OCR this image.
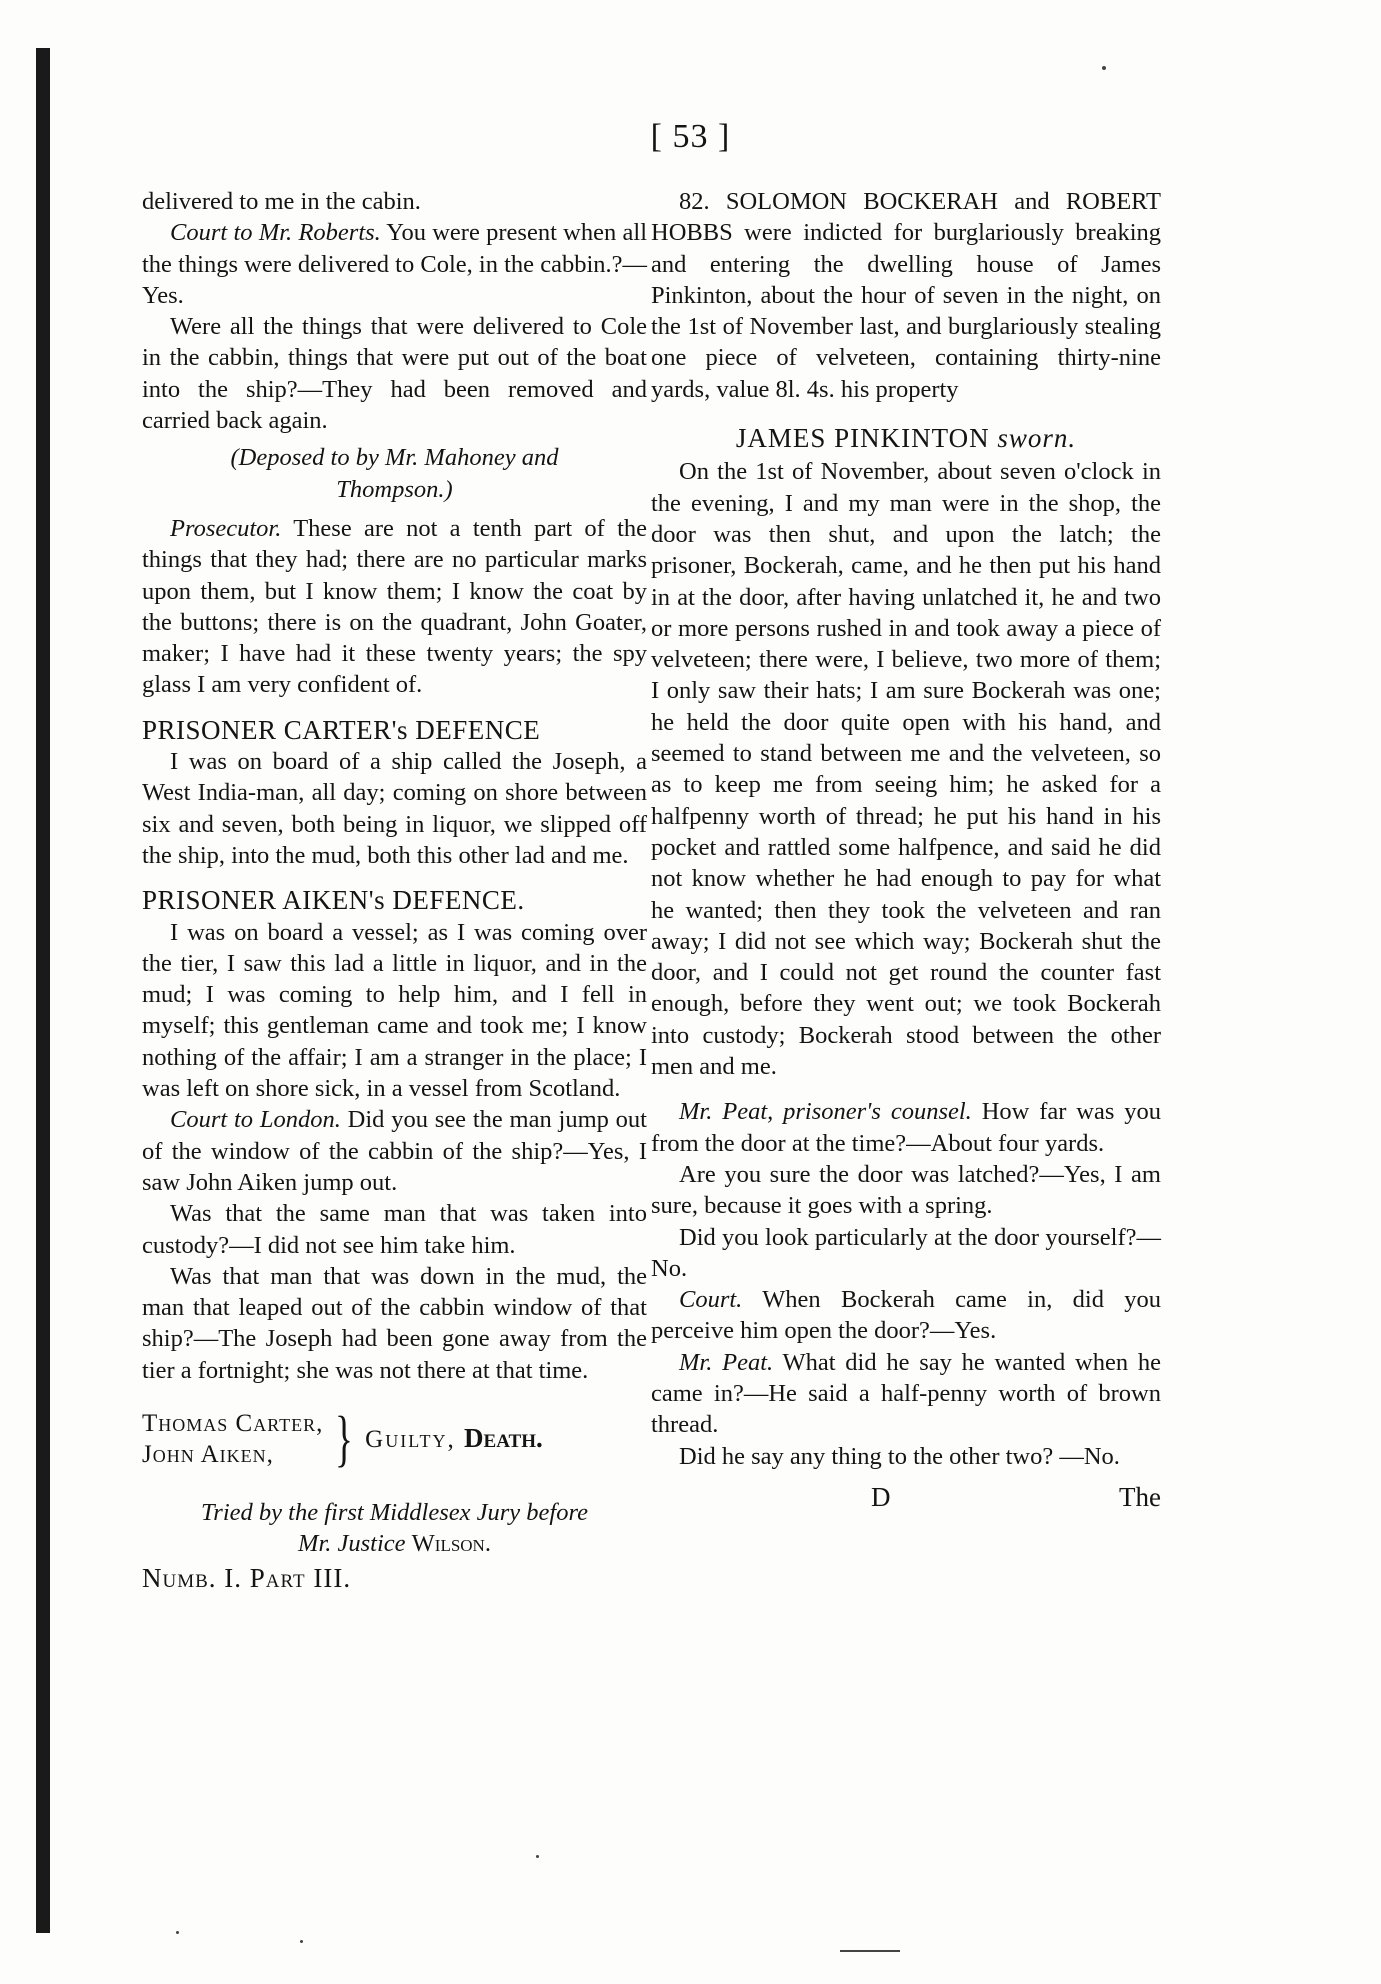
[ 53 ]

delivered to me in the cabin.

Court to Mr. Roberts. You were present when all the things were delivered to Cole, in the cabbin.?—Yes.

Were all the things that were delivered to Cole in the cabbin, things that were put out of the boat into the ship?—They had been removed and carried back again.

(Deposed to by Mr. Mahoney and
Thompson.)

Prosecutor. These are not a tenth part of the things that they had; there are no particular marks upon them, but I know them; I know the coat by the buttons; there is on the quadrant, John Goater, maker; I have had it these twenty years; the spy glass I am very confident of.

PRISONER CARTER's DEFENCE

I was on board of a ship called the Joseph, a West India-man, all day; coming on shore between six and seven, both being in liquor, we slipped off the ship, into the mud, both this other lad and me.

PRISONER AIKEN's DEFENCE.

I was on board a vessel; as I was coming over the tier, I saw this lad a little in liquor, and in the mud; I was coming to help him, and I fell in myself; this gentleman came and took me; I know nothing of the affair; I am a stranger in the place; I was left on shore sick, in a vessel from Scotland.

Court to London. Did you see the man jump out of the window of the cabbin of the ship?—Yes, I saw John Aiken jump out.

Was that the same man that was taken into custody?—I did not see him take him.

Was that man that was down in the mud, the man that leaped out of the cabbin window of that ship?—The Joseph had been gone away from the tier a fortnight; she was not there at that time.

Thomas Carter,
John Aiken, } Guilty, Death.
Tried by the first Middlesex Jury before
Mr. Justice Wilson.
Numb. I. Part III.

82. SOLOMON BOCKERAH and ROBERT HOBBS were indicted for burglariously breaking and entering the dwelling house of James Pinkinton, about the hour of seven in the night, on the 1st of November last, and burglariously stealing one piece of velveteen, containing thirty-nine yards, value 8l. 4s. his property

JAMES PINKINTON sworn.

On the 1st of November, about seven o'clock in the evening, I and my man were in the shop, the door was then shut, and upon the latch; the prisoner, Bockerah, came, and he then put his hand in at the door, after having unlatched it, he and two or more persons rushed in and took away a piece of velveteen; there were, I believe, two more of them; I only saw their hats; I am sure Bockerah was one; he held the door quite open with his hand, and seemed to stand between me and the velveteen, so as to keep me from seeing him; he asked for a halfpenny worth of thread; he put his hand in his pocket and rattled some halfpence, and said he did not know whether he had enough to pay for what he wanted; then they took the velveteen and ran away; I did not see which way; Bockerah shut the door, and I could not get round the counter fast enough, before they went out; we took Bockerah into custody; Bockerah stood between the other men and me.

Mr. Peat, prisoner's counsel. How far was you from the door at the time?—About four yards.

Are you sure the door was latched?—Yes, I am sure, because it goes with a spring.

Did you look particularly at the door yourself?—No.

Court. When Bockerah came in, did you perceive him open the door?—Yes.

Mr. Peat. What did he say he wanted when he came in?—He said a half-penny worth of brown thread.

Did he say any thing to the other two? —No.

D	The
